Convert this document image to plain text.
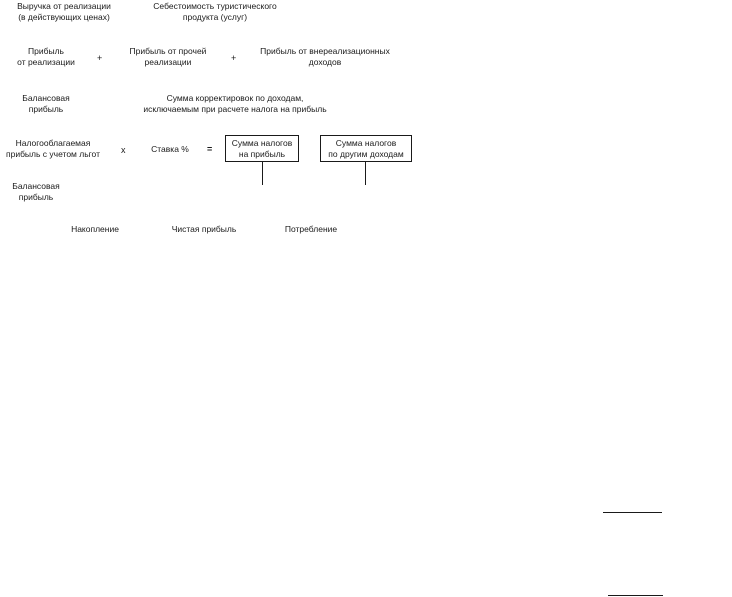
Выручка от реализации
(в действующих ценах)
Себестоимость туристического
продукта (услуг)
Прибыль
от реализации	+
Прибыль от прочей
реализации	+
Прибыль от внереализационных
доходов
Балансовая
прибыль
Сумма корректировок по доходам,
исключаемым при расчете налога на прибыль
Налогооблагаемая
прибыль с учетом льгот	х	Ставка %	=
Сумма налогов
на прибыль
Сумма налогов
по другим доходам
Балансовая
прибыль
Накопление	Чистая прибыль	Потребление
